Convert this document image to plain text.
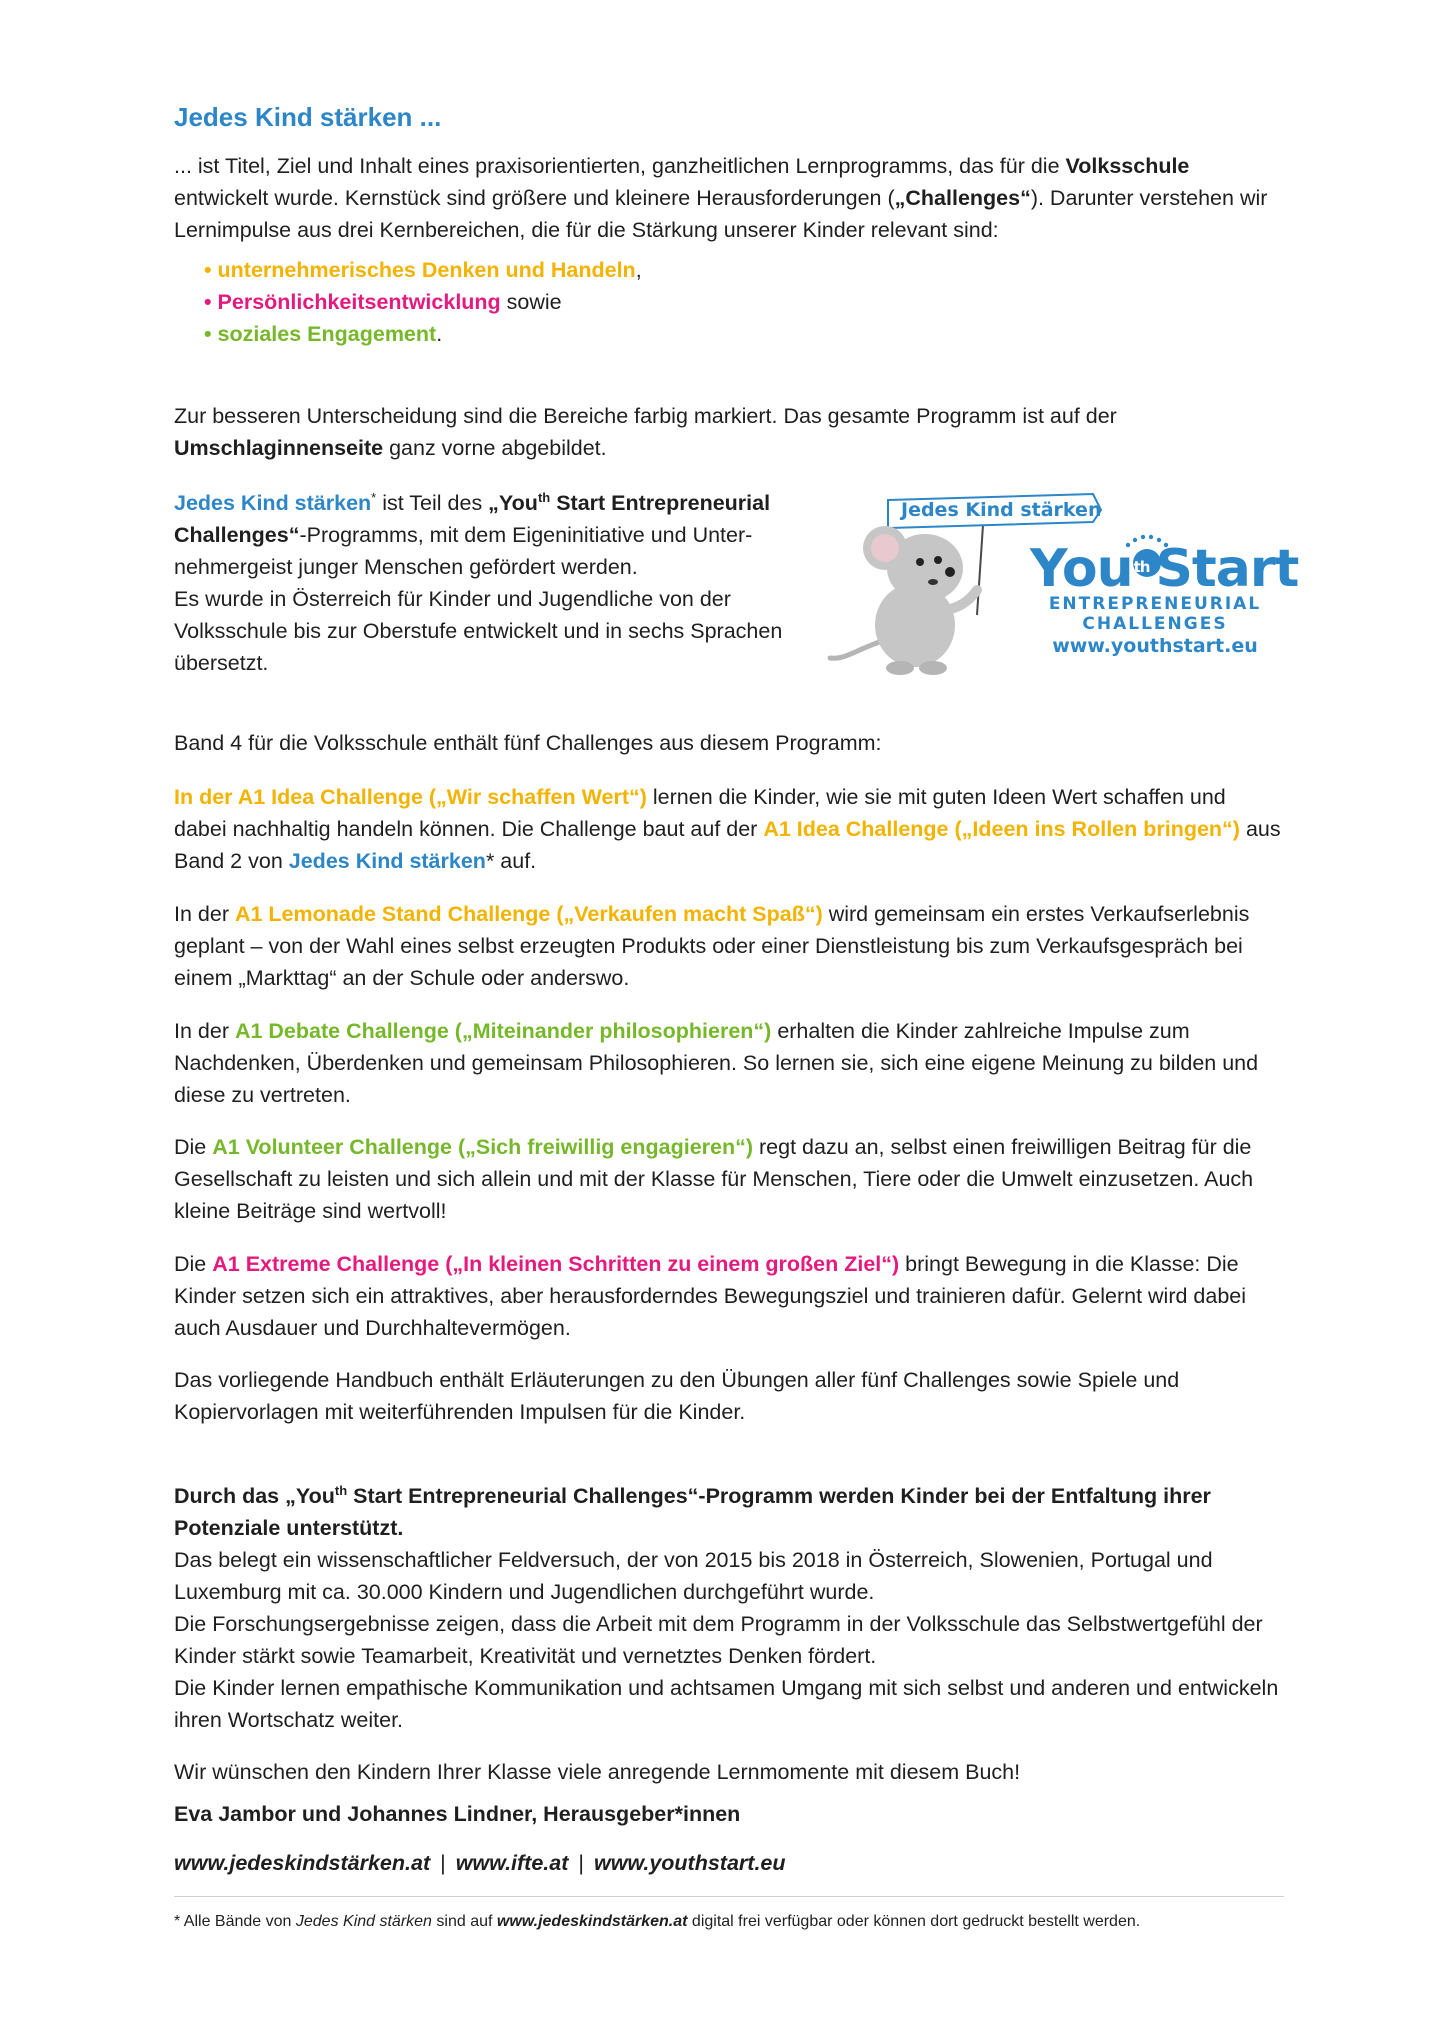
Jedes Kind stärken ...

... ist Titel, Ziel und Inhalt eines praxisorientierten, ganzheitlichen Lernprogramms, das für die Volksschule entwickelt wurde. Kernstück sind größere und kleinere Herausforderungen („Challenges“). Darunter verstehen wir Lernimpulse aus drei Kernbereichen, die für die Stärkung unserer Kinder relevant sind:

• unternehmerisches Denken und Handeln,
• Persönlichkeitsentwicklung sowie
• soziales Engagement.

Zur besseren Unterscheidung sind die Bereiche farbig markiert. Das gesamte Programm ist auf der Umschlaginnenseite ganz vorne abgebildet.

Jedes Kind stärken* ist Teil des „You$^{th}$ Start Entrepreneurial Challenges“-Programms, mit dem Eigeninitiative und Unternehmergeist junger Menschen gefördert werden.

Es wurde in Österreich für Kinder und Jugendliche von der Volksschule bis zur Oberstufe entwickelt und in sechs Sprachen übersetzt.

Jedes Kind stärken
You$^{th}$ Start
ENTREPRENEURIAL
CHALLENGES
www.youthstart.eu

Band 4 für die Volksschule enthält fünf Challenges aus diesem Programm:

In der A1 Idea Challenge („Wir schaffen Wert“) lernen die Kinder, wie sie mit guten Ideen Wert schaffen und dabei nachhaltig handeln können. Die Challenge baut auf der A1 Idea Challenge („Ideen ins Rollen bringen“) aus Band 2 von Jedes Kind stärken* auf.

In der A1 Lemonade Stand Challenge („Verkaufen macht Spaß“) wird gemeinsam ein erstes Verkaufserlebnis geplant – von der Wahl eines selbst erzeugten Produkts oder einer Dienstleistung bis zum Verkaufsgespräch bei einem „Markttag“ an der Schule oder anderswo.

In der A1 Debate Challenge („Miteinander philosophieren“) erhalten die Kinder zahlreiche Impulse zum Nachdenken, Überdenken und gemeinsam Philosophieren. So lernen sie, sich eine eigene Meinung zu bilden und diese zu vertreten.

Die A1 Volunteer Challenge („Sich freiwillig engagieren“) regt dazu an, selbst einen freiwilligen Beitrag für die Gesellschaft zu leisten und sich allein und mit der Klasse für Menschen, Tiere oder die Umwelt einzusetzen. Auch kleine Beiträge sind wertvoll!

Die A1 Extreme Challenge („In kleinen Schritten zu einem großen Ziel“) bringt Bewegung in die Klasse: Die Kinder setzen sich ein attraktives, aber herausforderndes Bewegungsziel und trainieren dafür. Gelernt wird dabei auch Ausdauer und Durchhaltevermögen.

Das vorliegende Handbuch enthält Erläuterungen zu den Übungen aller fünf Challenges sowie Spiele und Kopiervorlagen mit weiterführenden Impulsen für die Kinder.

Durch das „You$^{th}$ Start Entrepreneurial Challenges“-Programm werden Kinder bei der Entfaltung ihrer Potenziale unterstützt.

Das belegt ein wissenschaftlicher Feldversuch, der von 2015 bis 2018 in Österreich, Slowenien, Portugal und Luxemburg mit ca. 30.000 Kindern und Jugendlichen durchgeführt wurde.

Die Forschungsergebnisse zeigen, dass die Arbeit mit dem Programm in der Volksschule das Selbstwertgefühl der Kinder stärkt sowie Teamarbeit, Kreativität und vernetztes Denken fördert.

Die Kinder lernen empathische Kommunikation und achtsamen Umgang mit sich selbst und anderen und entwickeln ihren Wortschatz weiter.

Wir wünschen den Kindern Ihrer Klasse viele anregende Lernmomente mit diesem Buch!

Eva Jambor und Johannes Lindner, Herausgeber*innen

www.jedeskindstärken.at | www.ifte.at | www.youthstart.eu

* Alle Bände von Jedes Kind stärken sind auf www.jedeskindstärken.at digital frei verfügbar oder können dort gedruckt bestellt werden.
